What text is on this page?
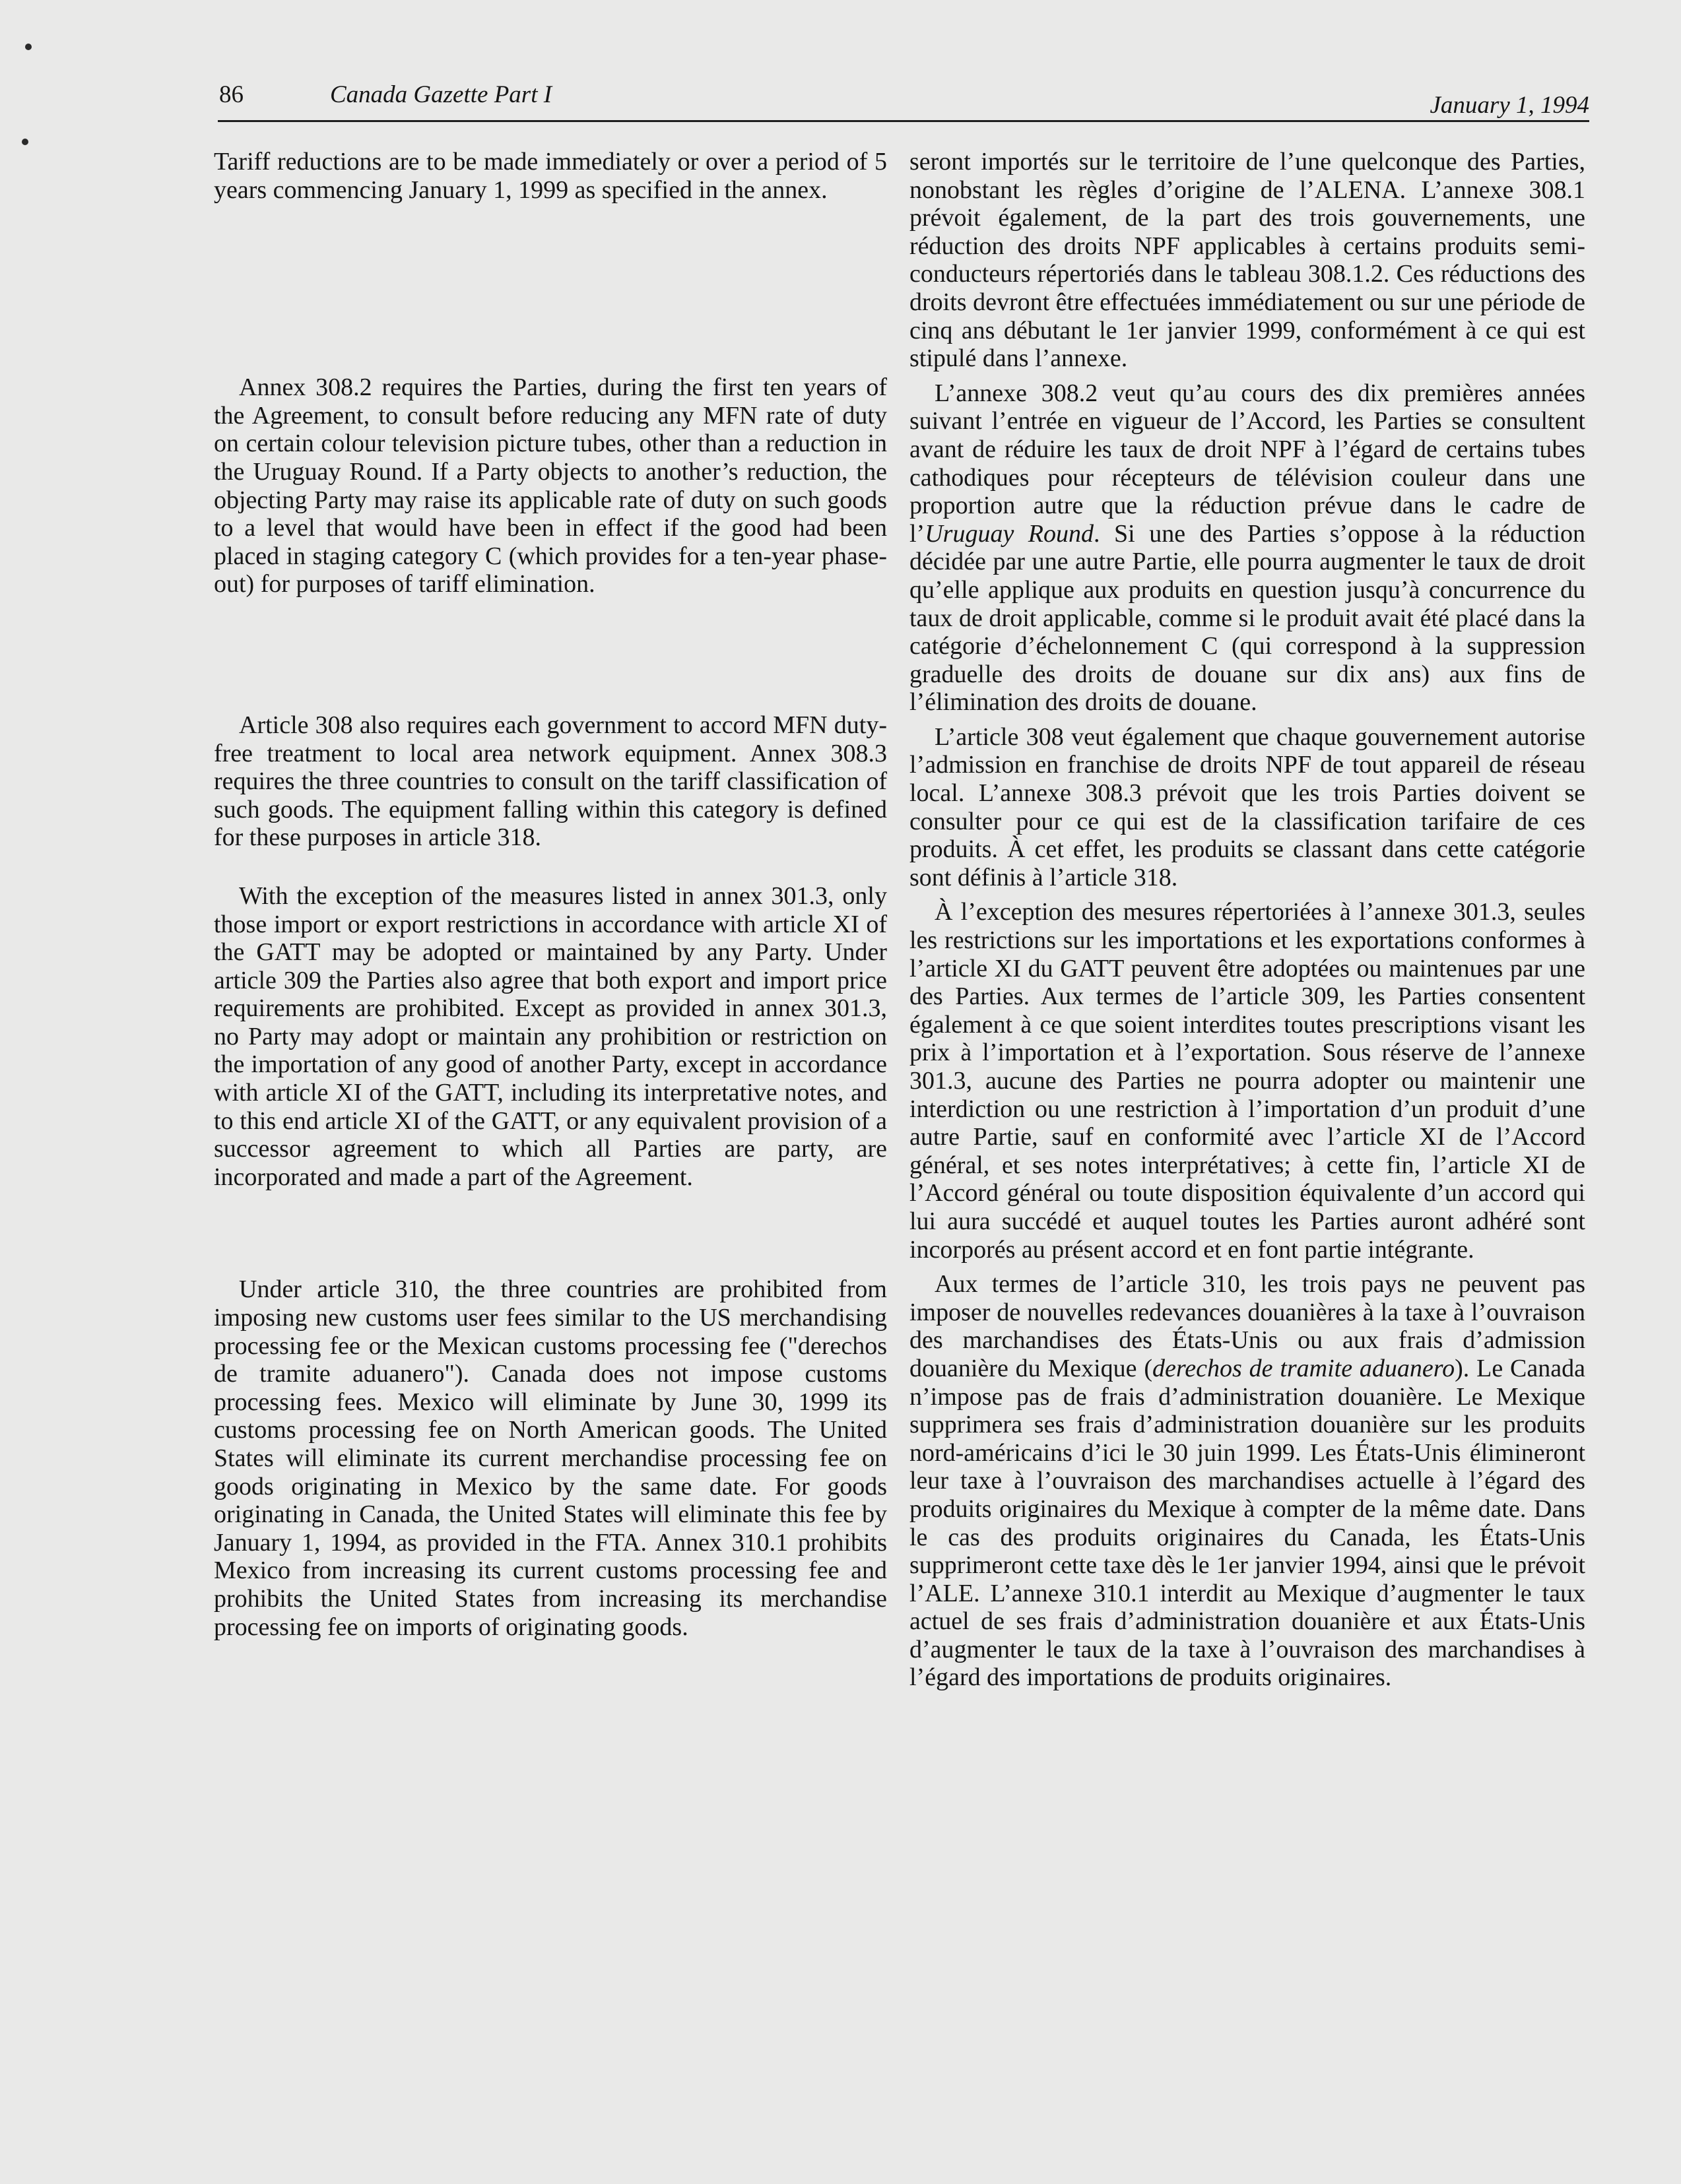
86	Canada Gazette Part I	January 1, 1994

Tariff reductions are to be made immediately or over a period of 5 years commencing January 1, 1999 as specified in the annex.

Annex 308.2 requires the Parties, during the first ten years of the Agreement, to consult before reducing any MFN rate of duty on certain colour television picture tubes, other than a reduction in the Uruguay Round. If a Party objects to another’s reduction, the objecting Party may raise its applicable rate of duty on such goods to a level that would have been in effect if the good had been placed in staging category C (which provides for a ten-year phase-out) for purposes of tariff elimination.

Article 308 also requires each government to accord MFN duty-free treatment to local area network equipment. Annex 308.3 requires the three countries to consult on the tariff classification of such goods. The equipment falling within this category is defined for these purposes in article 318.

With the exception of the measures listed in annex 301.3, only those import or export restrictions in accordance with article XI of the GATT may be adopted or maintained by any Party. Under article 309 the Parties also agree that both export and import price requirements are prohibited. Except as provided in annex 301.3, no Party may adopt or maintain any prohibition or restriction on the importation of any good of another Party, except in accordance with article XI of the GATT, including its interpretative notes, and to this end article XI of the GATT, or any equivalent provision of a successor agreement to which all Parties are party, are incorporated and made a part of the Agreement.

Under article 310, the three countries are prohibited from imposing new customs user fees similar to the US merchandising processing fee or the Mexican customs processing fee ("derechos de tramite aduanero"). Canada does not impose customs processing fees. Mexico will eliminate by June 30, 1999 its customs processing fee on North American goods. The United States will eliminate its current merchandise processing fee on goods originating in Mexico by the same date. For goods originating in Canada, the United States will eliminate this fee by January 1, 1994, as provided in the FTA. Annex 310.1 prohibits Mexico from increasing its current customs processing fee and prohibits the United States from increasing its merchandise processing fee on imports of originating goods.

seront importés sur le territoire de l’une quelconque des Parties, nonobstant les règles d’origine de l’ALENA. L’annexe 308.1 prévoit également, de la part des trois gouvernements, une réduction des droits NPF applicables à certains produits semi-conducteurs répertoriés dans le tableau 308.1.2. Ces réductions des droits devront être effectuées immédiatement ou sur une période de cinq ans débutant le 1er janvier 1999, conformément à ce qui est stipulé dans l’annexe.

L’annexe 308.2 veut qu’au cours des dix premières années suivant l’entrée en vigueur de l’Accord, les Parties se consultent avant de réduire les taux de droit NPF à l’égard de certains tubes cathodiques pour récepteurs de télévision couleur dans une proportion autre que la réduction prévue dans le cadre de l’Uruguay Round. Si une des Parties s’oppose à la réduction décidée par une autre Partie, elle pourra augmenter le taux de droit qu’elle applique aux produits en question jusqu’à concurrence du taux de droit applicable, comme si le produit avait été placé dans la catégorie d’échelonnement C (qui correspond à la suppression graduelle des droits de douane sur dix ans) aux fins de l’élimination des droits de douane.

L’article 308 veut également que chaque gouvernement autorise l’admission en franchise de droits NPF de tout appareil de réseau local. L’annexe 308.3 prévoit que les trois Parties doivent se consulter pour ce qui est de la classification tarifaire de ces produits. À cet effet, les produits se classant dans cette catégorie sont définis à l’article 318.

À l’exception des mesures répertoriées à l’annexe 301.3, seules les restrictions sur les importations et les exportations conformes à l’article XI du GATT peuvent être adoptées ou maintenues par une des Parties. Aux termes de l’article 309, les Parties consentent également à ce que soient interdites toutes prescriptions visant les prix à l’importation et à l’exportation. Sous réserve de l’annexe 301.3, aucune des Parties ne pourra adopter ou maintenir une interdiction ou une restriction à l’importation d’un produit d’une autre Partie, sauf en conformité avec l’article XI de l’Accord général, et ses notes interprétatives; à cette fin, l’article XI de l’Accord général ou toute disposition équivalente d’un accord qui lui aura succédé et auquel toutes les Parties auront adhéré sont incorporés au présent accord et en font partie intégrante.

Aux termes de l’article 310, les trois pays ne peuvent pas imposer de nouvelles redevances douanières à la taxe à l’ouvraison des marchandises des États-Unis ou aux frais d’admission douanière du Mexique (derechos de tramite aduanero). Le Canada n’impose pas de frais d’administration douanière. Le Mexique supprimera ses frais d’administration douanière sur les produits nord-américains d’ici le 30 juin 1999. Les États-Unis élimineront leur taxe à l’ouvraison des marchandises actuelle à l’égard des produits originaires du Mexique à compter de la même date. Dans le cas des produits originaires du Canada, les États-Unis supprimeront cette taxe dès le 1er janvier 1994, ainsi que le prévoit l’ALE. L’annexe 310.1 interdit au Mexique d’augmenter le taux actuel de ses frais d’administration douanière et aux États-Unis d’augmenter le taux de la taxe à l’ouvraison des marchandises à l’égard des importations de produits originaires.
